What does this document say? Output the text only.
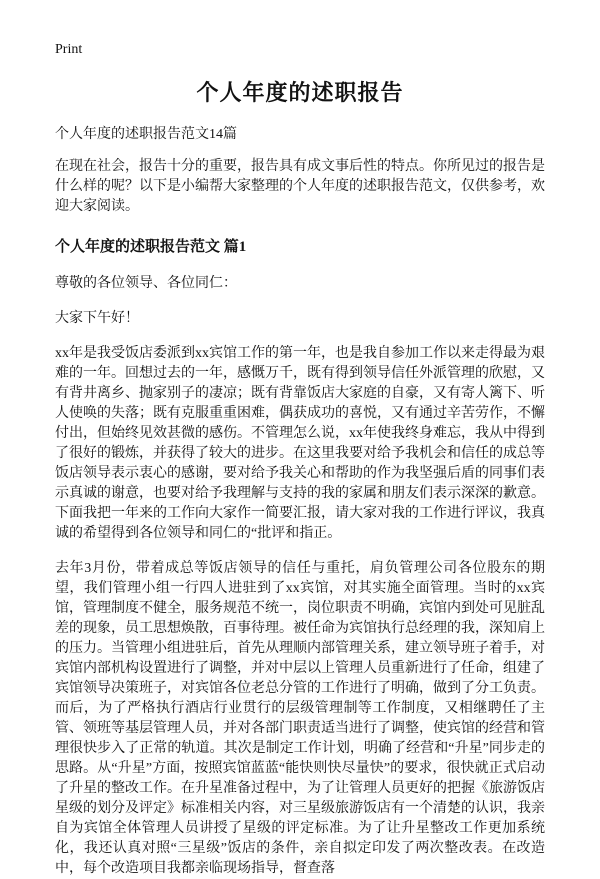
Print
个人年度的述职报告

个人年度的述职报告范文14篇

在现在社会，报告十分的重要，报告具有成文事后性的特点。你所见过的报告是什么样的呢？以下是小编帮大家整理的个人年度的述职报告范文，仅供参考，欢迎大家阅读。

个人年度的述职报告范文 篇1

尊敬的各位领导、各位同仁：

大家下午好！

xx年是我受饭店委派到xx宾馆工作的第一年，也是我自参加工作以来走得最为艰难的一年。回想过去的一年，感慨万千，既有得到领导信任外派管理的欣慰，又有背井离乡、抛家别子的凄凉；既有背靠饭店大家庭的自豪，又有寄人篱下、听人使唤的失落；既有克服重重困难，偶获成功的喜悦，又有通过辛苦劳作，不懈付出，但始终见效甚微的感伤。不管理怎么说，xx年使我终身难忘，我从中得到了很好的锻炼，并获得了较大的进步。在这里我要对给予我机会和信任的成总等饭店领导表示衷心的感谢，要对给予我关心和帮助的作为我坚强后盾的同事们表示真诚的谢意，也要对给予我理解与支持的我的家属和朋友们表示深深的歉意。下面我把一年来的工作向大家作一简要汇报，请大家对我的工作进行评议，我真诚的希望得到各位领导和同仁的“批评和指正。

去年3月份，带着成总等饭店领导的信任与重托，肩负管理公司各位股东的期望，我们管理小组一行四人进驻到了xx宾馆，对其实施全面管理。当时的xx宾馆，管理制度不健全，服务规范不统一，岗位职责不明确，宾馆内到处可见脏乱差的现象，员工思想焕散，百事待理。被任命为宾馆执行总经理的我，深知肩上的压力。当管理小组进驻后，首先从理顺内部管理关系，建立领导班子着手，对宾馆内部机构设置进行了调整，并对中层以上管理人员重新进行了任命，组建了宾馆领导决策班子，对宾馆各位老总分管的工作进行了明确，做到了分工负责。而后，为了严格执行酒店行业贯行的层级管理制等工作制度，又相继聘任了主管、领班等基层管理人员，并对各部门职责适当进行了调整，使宾馆的经营和管理很快步入了正常的轨道。其次是制定工作计划，明确了经营和“升星”同步走的思路。从“升星”方面，按照宾馆蓝蓝“能快则快尽量快”的要求，很快就正式启动了升星的整改工作。在升星准备过程中，为了让管理人员更好的把握《旅游饭店星级的划分及评定》标准相关内容，对三星级旅游饭店有一个清楚的认识，我亲自为宾馆全体管理人员讲授了星级的评定标准。为了让升星整改工作更加系统化，我还认真对照“三星级”饭店的条件，亲自拟定印发了两次整改表。在改造中，每个改造项目我都亲临现场指导，督查落
